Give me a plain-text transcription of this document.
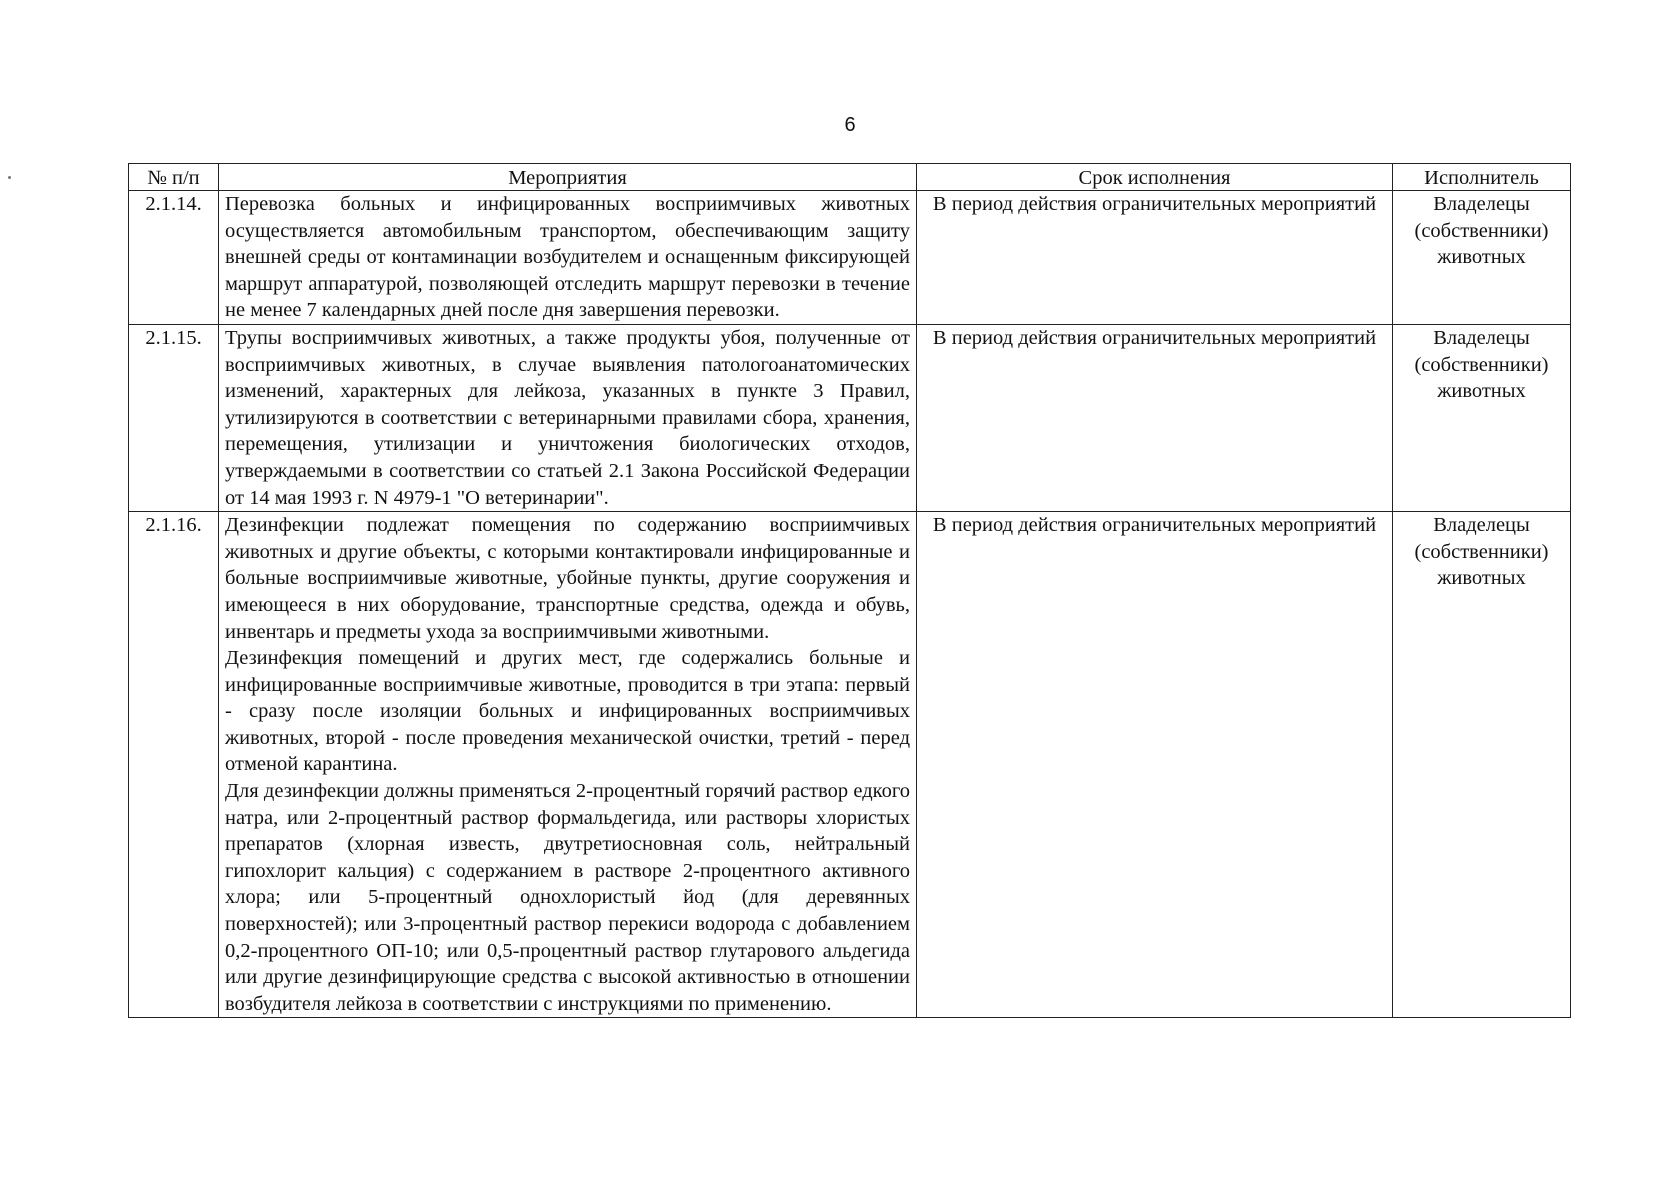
6
№ п/п	Мероприятия	Срок исполнения	Исполнитель
2.1.14.	Перевозка больных и инфицированных восприимчивых животных осуществляется автомобильным транспортом, обеспечивающим защиту внешней среды от контаминации возбудителем и оснащенным фиксирующей маршрут аппаратурой, позволяющей отследить маршрут перевозки в течение не менее 7 календарных дней после дня завершения перевозки.	В период действия ограничительных мероприятий	Владелецы (собственники) животных
2.1.15.	Трупы восприимчивых животных, а также продукты убоя, полученные от восприимчивых животных, в случае выявления патологоанатомических изменений, характерных для лейкоза, указанных в пункте 3 Правил, утилизируются в соответствии с ветеринарными правилами сбора, хранения, перемещения, утилизации и уничтожения биологических отходов, утверждаемыми в соответствии со статьей 2.1 Закона Российской Федерации от 14 мая 1993 г. N 4979-1 "О ветеринарии".	В период действия ограничительных мероприятий	Владелецы (собственники) животных
2.1.16.	Дезинфекции подлежат помещения по содержанию восприимчивых животных и другие объекты, с которыми контактировали инфицированные и больные восприимчивые животные, убойные пункты, другие сооружения и имеющееся в них оборудование, транспортные средства, одежда и обувь, инвентарь и предметы ухода за восприимчивыми животными.

Дезинфекция помещений и других мест, где содержались больные и инфицированные восприимчивые животные, проводится в три этапа: первый - сразу после изоляции больных и инфицированных восприимчивых животных, второй - после проведения механической очистки, третий - перед отменой карантина.

Для дезинфекции должны применяться 2-процентный горячий раствор едкого натра, или 2-процентный раствор формальдегида, или растворы хлористых препаратов (хлорная известь, двутретиосновная соль, нейтральный гипохлорит кальция) с содержанием в растворе 2-процентного активного хлора; или 5-процентный однохлористый йод (для деревянных поверхностей); или 3-процентный раствор перекиси водорода с добавлением 0,2-процентного ОП-10; или 0,5-процентный раствор глутарового альдегида или другие дезинфицирующие средства с высокой активностью в отношении возбудителя лейкоза в соответствии с инструкциями по применению.	В период действия ограничительных мероприятий	Владелецы (собственники) животных
